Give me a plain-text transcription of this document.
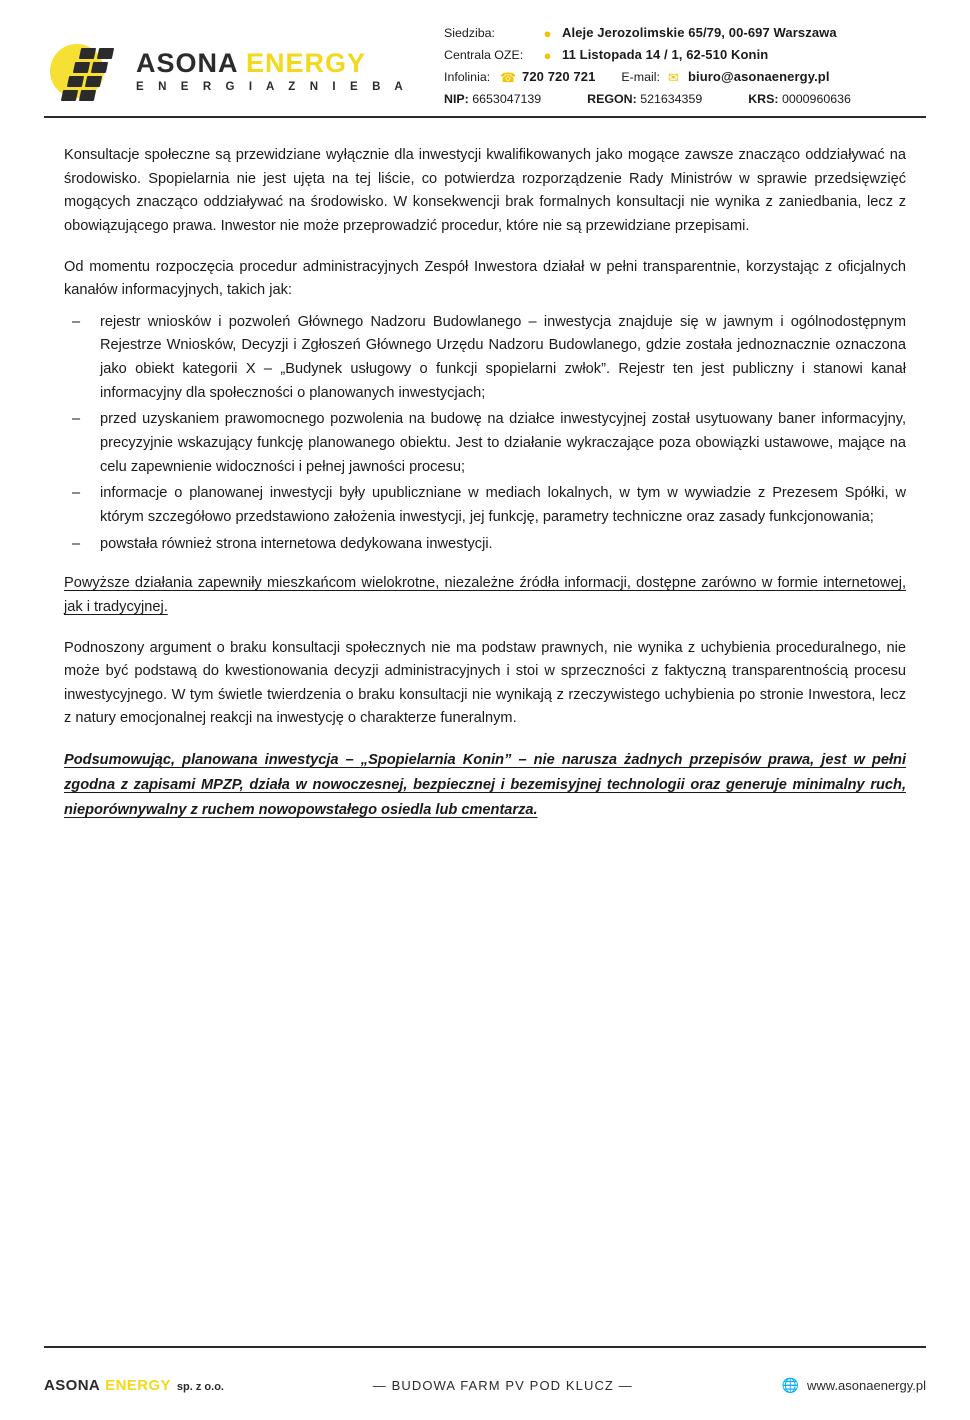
ASONA ENERGY
E N E R G I A Z N I E B A
Siedziba:	● Aleje Jerozolimskie 65/79, 00-697 Warszawa
Centrala OZE:	● 11 Listopada 14 / 1, 62-510 Konin
Infolinia: ☎ 720 720 721 E-mail: ✉ biuro@asonaenergy.pl
NIP: 6653047139	REGON: 521634359	KRS: 0000960636

Konsultacje społeczne są przewidziane wyłącznie dla inwestycji kwalifikowanych jako mogące zawsze znacząco oddziaływać na środowisko. Spopielarnia nie jest ujęta na tej liście, co potwierdza rozporządzenie Rady Ministrów w sprawie przedsięwzięć mogących znacząco oddziaływać na środowisko. W konsekwencji brak formalnych konsultacji nie wynika z zaniedbania, lecz z obowiązującego prawa. Inwestor nie może przeprowadzić procedur, które nie są przewidziane przepisami.

Od momentu rozpoczęcia procedur administracyjnych Zespół Inwestora działał w pełni transparentnie, korzystając z oficjalnych kanałów informacyjnych, takich jak:

– rejestr wniosków i pozwoleń Głównego Nadzoru Budowlanego – inwestycja znajduje się w jawnym i ogólnodostępnym Rejestrze Wniosków, Decyzji i Zgłoszeń Głównego Urzędu Nadzoru Budowlanego, gdzie została jednoznacznie oznaczona jako obiekt kategorii X – „Budynek usługowy o funkcji spopielarni zwłok”. Rejestr ten jest publiczny i stanowi kanał informacyjny dla społeczności o planowanych inwestycjach;
– przed uzyskaniem prawomocnego pozwolenia na budowę na działce inwestycyjnej został usytuowany baner informacyjny, precyzyjnie wskazujący funkcję planowanego obiektu. Jest to działanie wykraczające poza obowiązki ustawowe, mające na celu zapewnienie widoczności i pełnej jawności procesu;
– informacje o planowanej inwestycji były upubliczniane w mediach lokalnych, w tym w wywiadzie z Prezesem Spółki, w którym szczegółowo przedstawiono założenia inwestycji, jej funkcję, parametry techniczne oraz zasady funkcjonowania;
– powstała również strona internetowa dedykowana inwestycji.

Powyższe działania zapewniły mieszkańcom wielokrotne, niezależne źródła informacji, dostępne zarówno w formie internetowej, jak i tradycyjnej.

Podnoszony argument o braku konsultacji społecznych nie ma podstaw prawnych, nie wynika z uchybienia proceduralnego, nie może być podstawą do kwestionowania decyzji administracyjnych i stoi w sprzeczności z faktyczną transparentnością procesu inwestycyjnego. W tym świetle twierdzenia o braku konsultacji nie wynikają z rzeczywistego uchybienia po stronie Inwestora, lecz z natury emocjonalnej reakcji na inwestycję o charakterze funeralnym.

Podsumowując, planowana inwestycja – „Spopielarnia Konin” – nie narusza żadnych przepisów prawa, jest w pełni zgodna z zapisami MPZP, działa w nowoczesnej, bezpiecznej i bezemisyjnej technologii oraz generuje minimalny ruch, nieporównywalny z ruchem nowopowstałego osiedla lub cmentarza.

ASONA ENERGY sp. z o.o.	— BUDOWA FARM PV POD KLUCZ —	🌐 www.asonaenergy.pl
